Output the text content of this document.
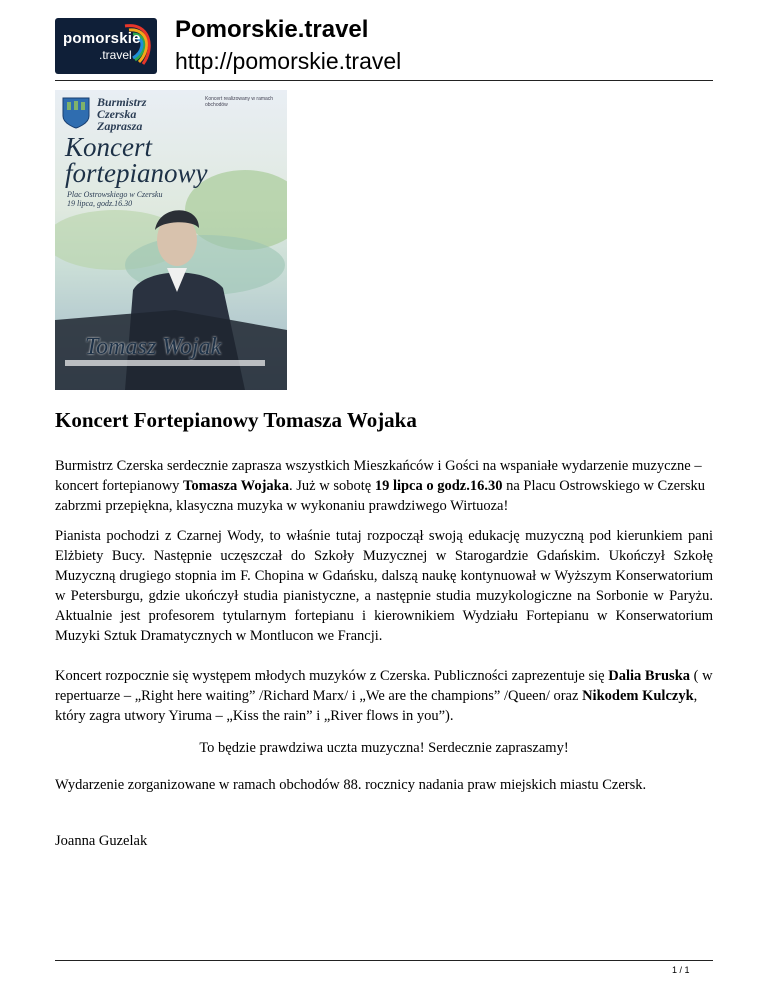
pomorskie
.travel
Pomorskie.travel
http://pomorskie.travel
Burmistrz
Czerska
Zaprasza
Koncert realizowany w ramach obchodów
Koncert
fortepianowy
Plac Ostrowskiego w Czersku
19 lipca, godz.16.30
Tomasz Wojak
Koncert Fortepianowy Tomasza Wojaka

Burmistrz Czerska serdecznie zaprasza wszystkich Mieszkańców i Gości na wspaniałe wydarzenie muzyczne – koncert fortepianowy Tomasza Wojaka. Już w sobotę 19 lipca o godz.16.30 na Placu Ostrowskiego w Czersku zabrzmi przepiękna, klasyczna muzyka w wykonaniu prawdziwego Wirtuoza!

Pianista pochodzi z Czarnej Wody, to właśnie tutaj rozpoczął swoją edukację muzyczną pod kierunkiem pani Elżbiety Bucy. Następnie uczęszczał do Szkoły Muzycznej w Starogardzie Gdańskim. Ukończył Szkołę Muzyczną drugiego stopnia im F. Chopina w Gdańsku, dalszą naukę kontynuował w Wyższym Konserwatorium w Petersburgu, gdzie ukończył studia pianistyczne, a następnie studia muzykologiczne na Sorbonie w Paryżu. Aktualnie jest profesorem tytularnym fortepianu i kierownikiem Wydziału Fortepianu w Konserwatorium Muzyki Sztuk Dramatycznych w Montlucon we Francji.

Koncert rozpocznie się występem młodych muzyków z Czerska. Publiczności zaprezentuje się Dalia Bruska ( w repertuarze – „Right here waiting” /Richard Marx/ i „We are the champions” /Queen/ oraz Nikodem Kulczyk, który zagra utwory Yiruma – „Kiss the rain” i „River flows in you”).

To będzie prawdziwa uczta muzyczna! Serdecznie zapraszamy!

Wydarzenie zorganizowane w ramach obchodów 88. rocznicy nadania praw miejskich miastu Czersk.

Joanna Guzelak

1 / 1
